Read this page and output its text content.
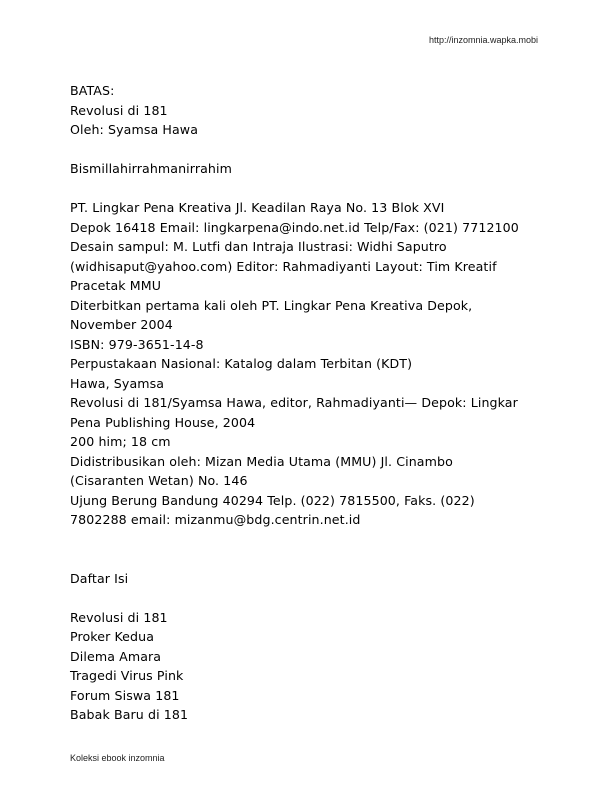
http://inzomnia.wapka.mobi
BATAS:
Revolusi di 181
Oleh: Syamsa Hawa
Bismillahirrahmanirrahim
PT. Lingkar Pena Kreativa Jl. Keadilan Raya No. 13 Blok XVI
Depok 16418 Email: lingkarpena@indo.net.id Telp/Fax: (021) 7712100
Desain sampul: M. Lutfi dan Intraja Ilustrasi: Widhi Saputro
(widhisaput@yahoo.com) Editor: Rahmadiyanti Layout: Tim Kreatif
Pracetak MMU
Diterbitkan pertama kali oleh PT. Lingkar Pena Kreativa Depok,
November 2004
ISBN: 979-3651-14-8
Perpustakaan Nasional: Katalog dalam Terbitan (KDT)
Hawa, Syamsa
Revolusi di 181/Syamsa Hawa, editor, Rahmadiyanti— Depok: Lingkar
Pena Publishing House, 2004
200 him; 18 cm
Didistribusikan oleh: Mizan Media Utama (MMU) Jl. Cinambo
(Cisaranten Wetan) No. 146
Ujung Berung Bandung 40294 Telp. (022) 7815500, Faks. (022)
7802288 email: mizanmu@bdg.centrin.net.id
Daftar Isi
Revolusi di 181
Proker Kedua
Dilema Amara
Tragedi Virus Pink
Forum Siswa 181
Babak Baru di 181
Koleksi ebook inzomnia
